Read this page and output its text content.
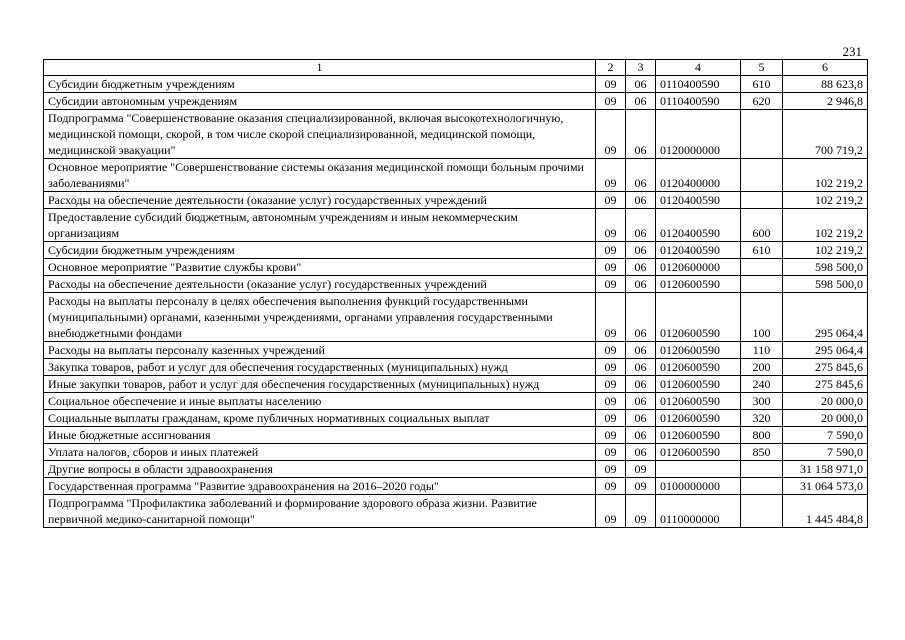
231
1	2	3	4	5	6
Субсидии бюджетным учреждениям	09	06	0110400590	610	88 623,8
Субсидии автономным учреждениям	09	06	0110400590	620	2 946,8
Подпрограмма "Совершенствование оказания специализированной, включая высокотехнологичную, медицинской помощи, скорой, в том числе скорой специализированной, медицинской помощи, медицинской эвакуации"	09	06	0120000000		700 719,2
Основное мероприятие "Совершенствование системы оказания медицинской помощи больным прочими заболеваниями"	09	06	0120400000		102 219,2
Расходы на обеспечение деятельности (оказание услуг) государственных учреждений	09	06	0120400590		102 219,2
Предоставление субсидий бюджетным, автономным учреждениям и иным некоммерческим организациям	09	06	0120400590	600	102 219,2
Субсидии бюджетным учреждениям	09	06	0120400590	610	102 219,2
Основное мероприятие "Развитие службы крови"	09	06	0120600000		598 500,0
Расходы на обеспечение деятельности (оказание услуг) государственных учреждений	09	06	0120600590		598 500,0
Расходы на выплаты персоналу в целях обеспечения выполнения функций государственными (муниципальными) органами, казенными учреждениями, органами управления государственными внебюджетными фондами	09	06	0120600590	100	295 064,4
Расходы на выплаты персоналу казенных учреждений	09	06	0120600590	110	295 064,4
Закупка товаров, работ и услуг для обеспечения государственных (муниципальных) нужд	09	06	0120600590	200	275 845,6
Иные закупки товаров, работ и услуг для обеспечения государственных (муниципальных) нужд	09	06	0120600590	240	275 845,6
Социальное обеспечение и иные выплаты населению	09	06	0120600590	300	20 000,0
Социальные выплаты гражданам, кроме публичных нормативных социальных выплат	09	06	0120600590	320	20 000,0
Иные бюджетные ассигнования	09	06	0120600590	800	7 590,0
Уплата налогов, сборов и иных платежей	09	06	0120600590	850	7 590,0
Другие вопросы в области здравоохранения	09	09			31 158 971,0
Государственная программа "Развитие здравоохранения на 2016–2020 годы"	09	09	0100000000		31 064 573,0
Подпрограмма "Профилактика заболеваний и формирование здорового образа жизни. Развитие первичной медико-санитарной помощи"	09	09	0110000000		1 445 484,8
